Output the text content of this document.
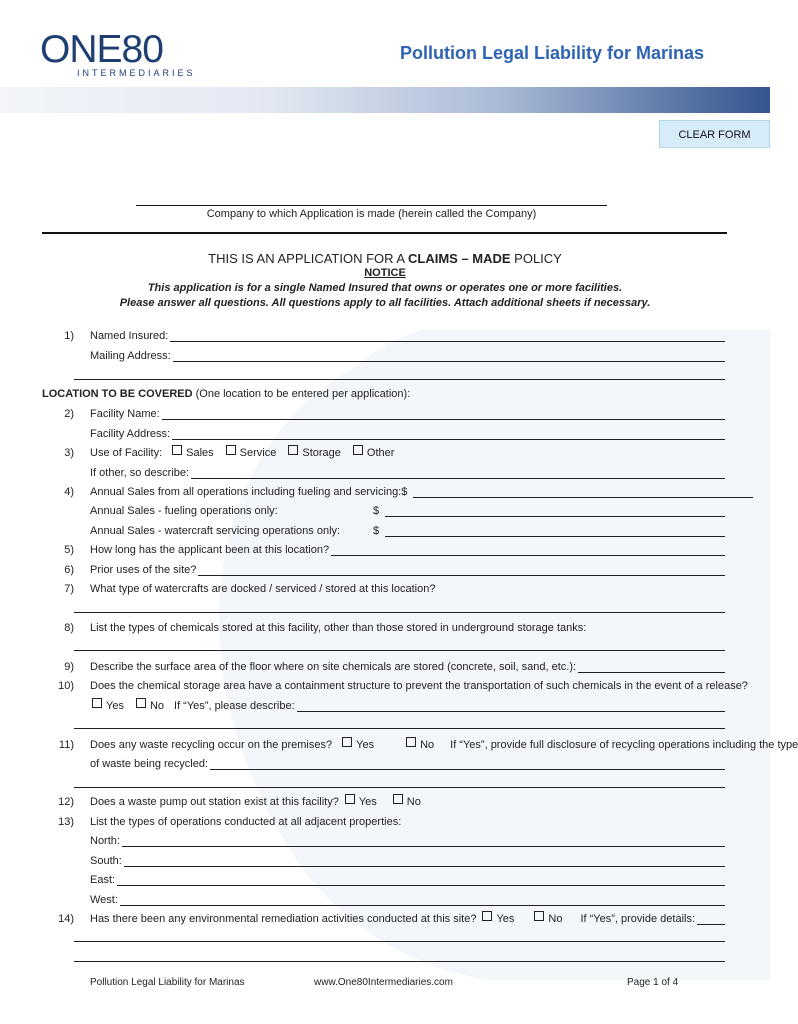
ONE80
INTERMEDIARIES
Pollution Legal Liability for Marinas
CLEAR FORM
Company to which Application is made (herein called the Company)
THIS IS AN APPLICATION FOR A CLAIMS – MADE POLICY
NOTICE
This application is for a single Named Insured that owns or operates one or more facilities.
Please answer all questions. All questions apply to all facilities. Attach additional sheets if necessary.
1) Named Insured:
Mailing Address:
LOCATION TO BE COVERED (One location to be entered per application):
2) Facility Name:
Facility Address:
3) Use of Facility: Sales Service Storage Other
If other, so describe:
4) Annual Sales from all operations including fueling and servicing: $
Annual Sales - fueling operations only:	$
Annual Sales - watercraft servicing operations only:	$
5) How long has the applicant been at this location?
6) Prior uses of the site?
7) What type of watercrafts are docked / serviced / stored at this location?
8) List the types of chemicals stored at this facility, other than those stored in underground storage tanks:
9) Describe the surface area of the floor where on site chemicals are stored (concrete, soil, sand, etc.):
10) Does the chemical storage area have a containment structure to prevent the transportation of such chemicals in the event of a release?
Yes No If “Yes”, please describe:
11) Does any waste recycling occur on the premises? Yes	No If “Yes”, provide full disclosure of recycling operations including the type
of waste being recycled:
12) Does a waste pump out station exist at this facility? Yes	No
13) List the types of operations conducted at all adjacent properties:
North:
South:
East:
West:
14) Has there been any environmental remediation activities conducted at this site? Yes	No If “Yes”, provide details:
Pollution Legal Liability for Marinas	www.One80Intermediaries.com	Page 1 of 4
